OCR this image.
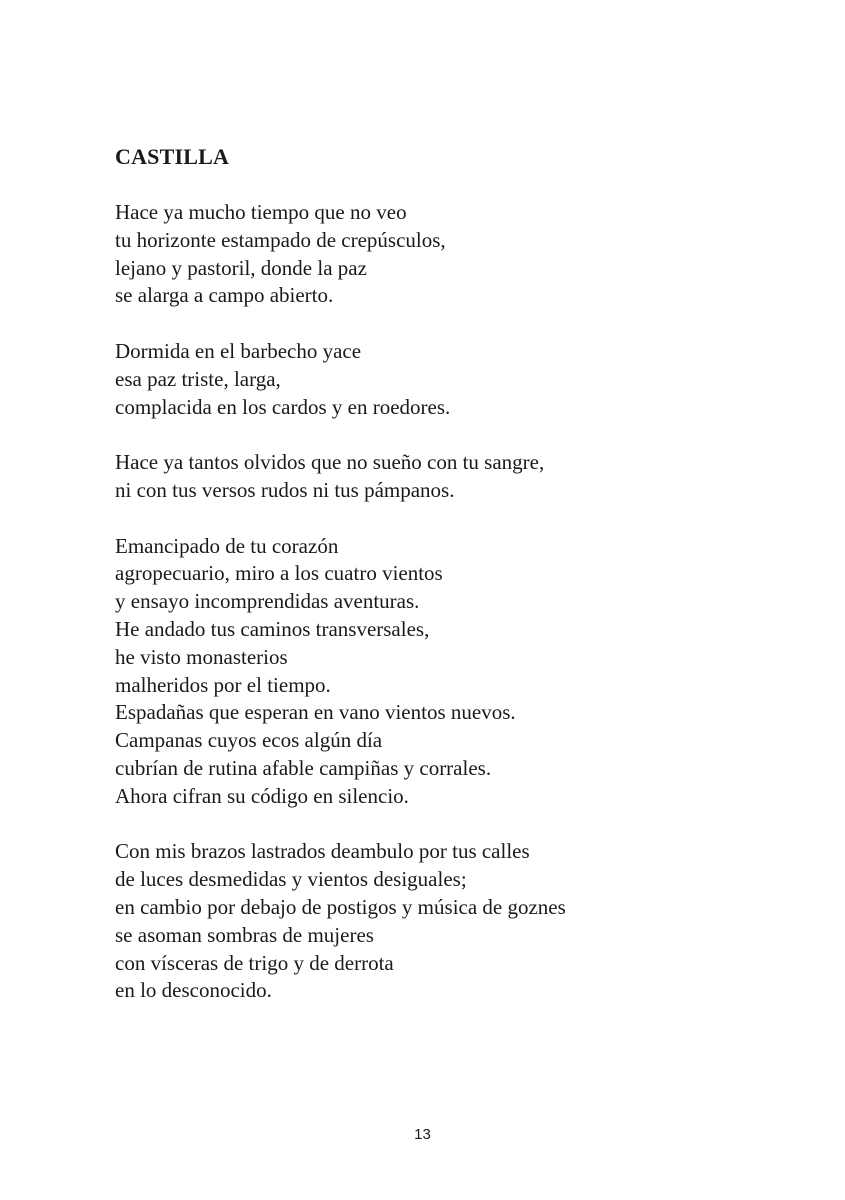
CASTILLA

Hace ya mucho tiempo que no veo
tu horizonte estampado de crepúsculos,
lejano y pastoril, donde la paz
se alarga a campo abierto.

Dormida en el barbecho yace
esa paz triste, larga,
complacida en los cardos y en roedores.

Hace ya tantos olvidos que no sueño con tu sangre,
ni con tus versos rudos ni tus pámpanos.

Emancipado de tu corazón
agropecuario, miro a los cuatro vientos
y ensayo incomprendidas aventuras.
He andado tus caminos transversales,
he visto monasterios
malheridos por el tiempo.
Espadañas que esperan en vano vientos nuevos.
Campanas cuyos ecos algún día
cubrían de rutina afable campiñas y corrales.
Ahora cifran su código en silencio.

Con mis brazos lastrados deambulo por tus calles
de luces desmedidas y vientos desiguales;
en cambio por debajo de postigos y música de goznes
se asoman sombras de mujeres
con vísceras de trigo y de derrota
en lo desconocido.

13
